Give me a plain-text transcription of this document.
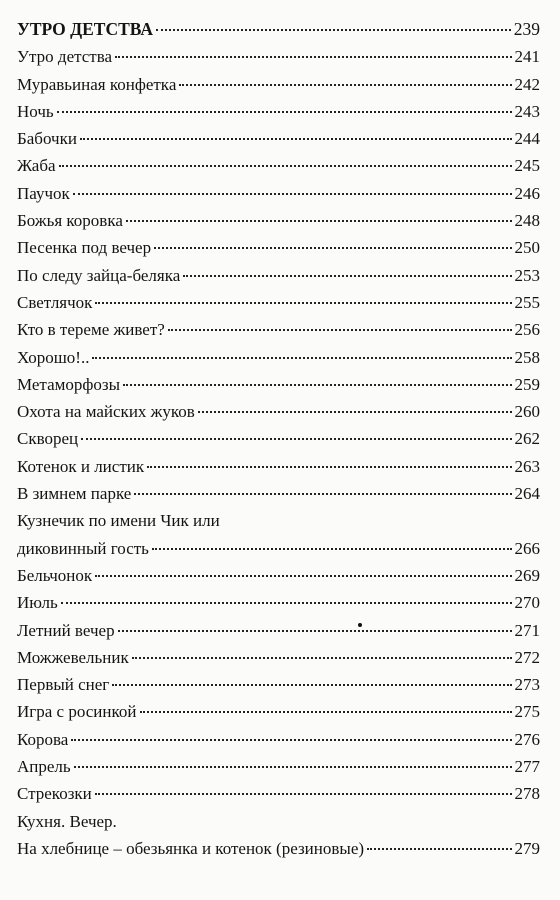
УТРО ДЕТСТВА	239
Утро детства	241
Муравьиная конфетка	242
Ночь	243
Бабочки	244
Жаба	245
Паучок	246
Божья коровка	248
Песенка под вечер	250
По следу зайца-беляка	253
Светлячок	255
Кто в тереме живет?	256
Хорошо!..	258
Метаморфозы	259
Охота на майских жуков	260
Скворец	262
Котенок и листик	263
В зимнем парке	264
Кузнечик по имени Чик или
диковинный гость	266
Бельчонок	269
Июль	270
Летний вечер	271
Можжевельник	272
Первый снег	273
Игра с росинкой	275
Корова	276
Апрель	277
Стрекозки	278
Кухня. Вечер.
На хлебнице – обезьянка и котенок (резиновые)	279
